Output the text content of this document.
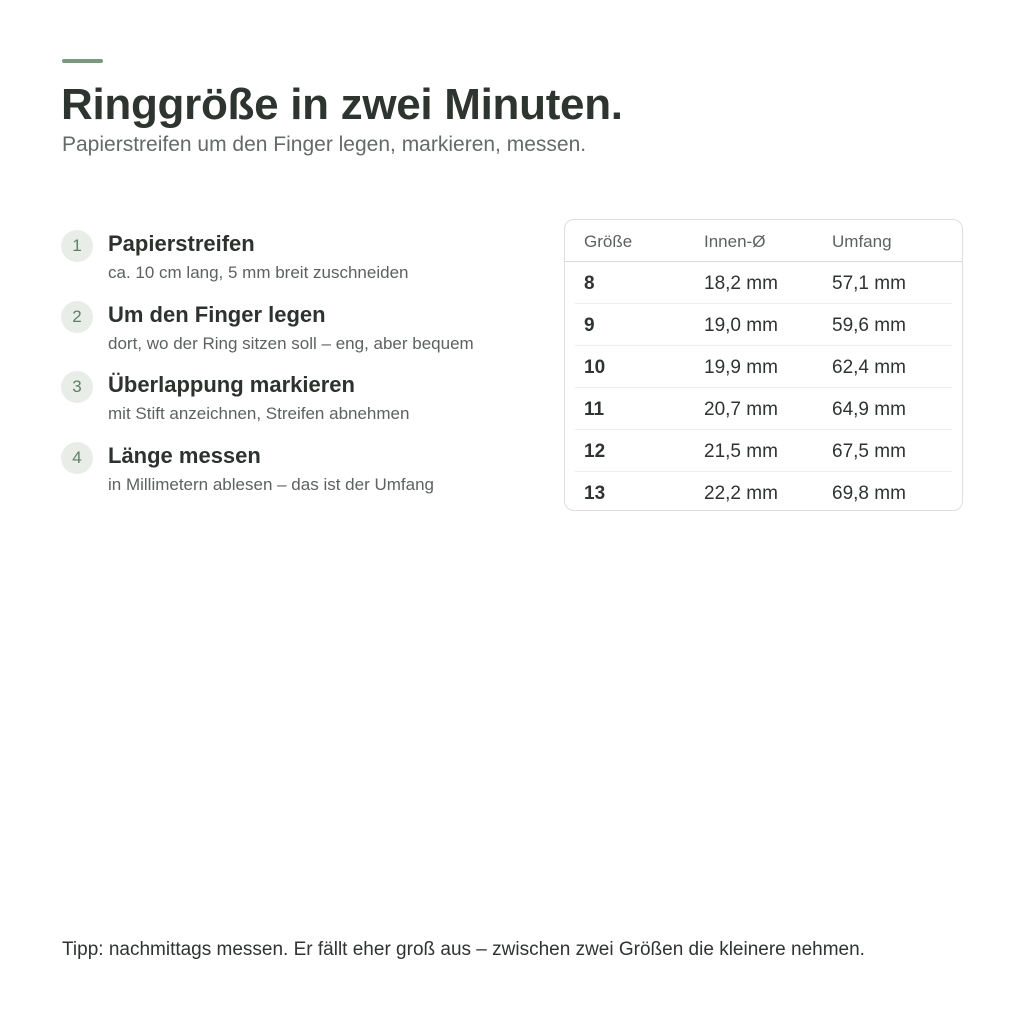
Ringgröße in zwei Minuten.

Papierstreifen um den Finger legen, markieren, messen.

1	Papierstreifen
ca. 10 cm lang, 5 mm breit zuschneiden
2	Um den Finger legen
dort, wo der Ring sitzen soll – eng, aber bequem
3	Überlappung markieren
mit Stift anzeichnen, Streifen abnehmen
4	Länge messen
in Millimetern ablesen – das ist der Umfang
Größe	Innen-Ø	Umfang
8	18,2 mm	57,1 mm
9	19,0 mm	59,6 mm
10	19,9 mm	62,4 mm
11	20,7 mm	64,9 mm
12	21,5 mm	67,5 mm
13	22,2 mm	69,8 mm

Tipp: nachmittags messen. Er fällt eher groß aus – zwischen zwei Größen die kleinere nehmen.
